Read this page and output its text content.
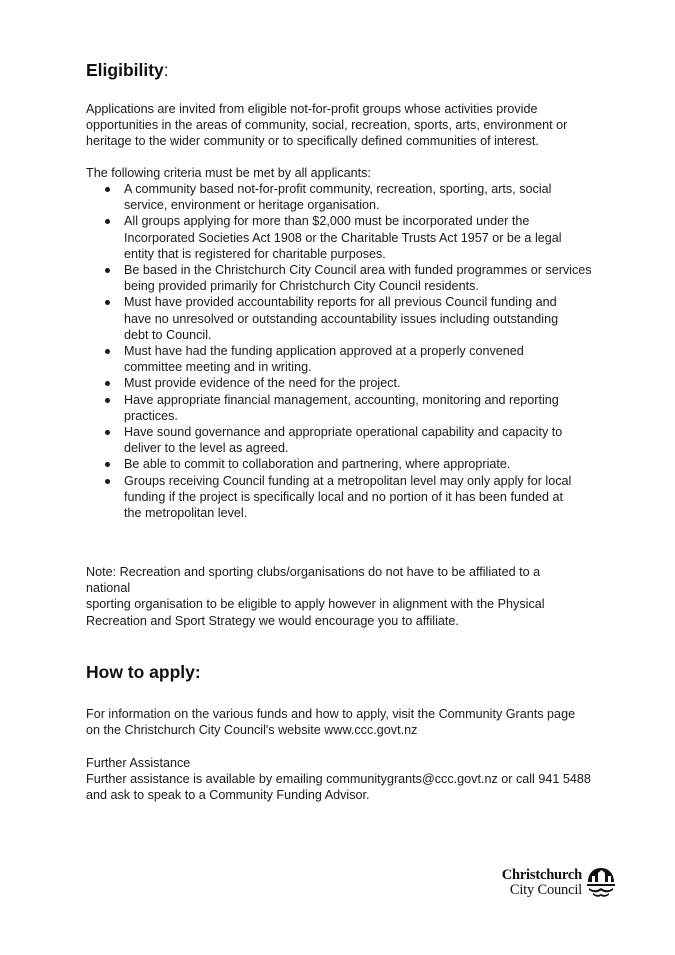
Eligibility:

Applications are invited from eligible not-for-profit groups whose activities provide
opportunities in the areas of community, social, recreation, sports, arts, environment or
heritage to the wider community or to specifically defined communities of interest.

The following criteria must be met by all applicants:

A community based not-for-profit community, recreation, sporting, arts, social
service, environment or heritage organisation.
All groups applying for more than $2,000 must be incorporated under the
Incorporated Societies Act 1908 or the Charitable Trusts Act 1957 or be a legal
entity that is registered for charitable purposes.
Be based in the Christchurch City Council area with funded programmes or services
being provided primarily for Christchurch City Council residents.
Must have provided accountability reports for all previous Council funding and
have no unresolved or outstanding accountability issues including outstanding
debt to Council.
Must have had the funding application approved at a properly convened
committee meeting and in writing.
Must provide evidence of the need for the project.
Have appropriate financial management, accounting, monitoring and reporting
practices.
Have sound governance and appropriate operational capability and capacity to
deliver to the level as agreed.
Be able to commit to collaboration and partnering, where appropriate.
Groups receiving Council funding at a metropolitan level may only apply for local
funding if the project is specifically local and no portion of it has been funded at
the metropolitan level.

Note: Recreation and sporting clubs/organisations do not have to be affiliated to a
national
sporting organisation to be eligible to apply however in alignment with the Physical
Recreation and Sport Strategy we would encourage you to affiliate.

How to apply:

For information on the various funds and how to apply, visit the Community Grants page
on the Christchurch City Council's website www.ccc.govt.nz

Further Assistance
Further assistance is available by emailing communitygrants@ccc.govt.nz or call 941 5488
and ask to speak to a Community Funding Advisor.

Christchurch
City Council
